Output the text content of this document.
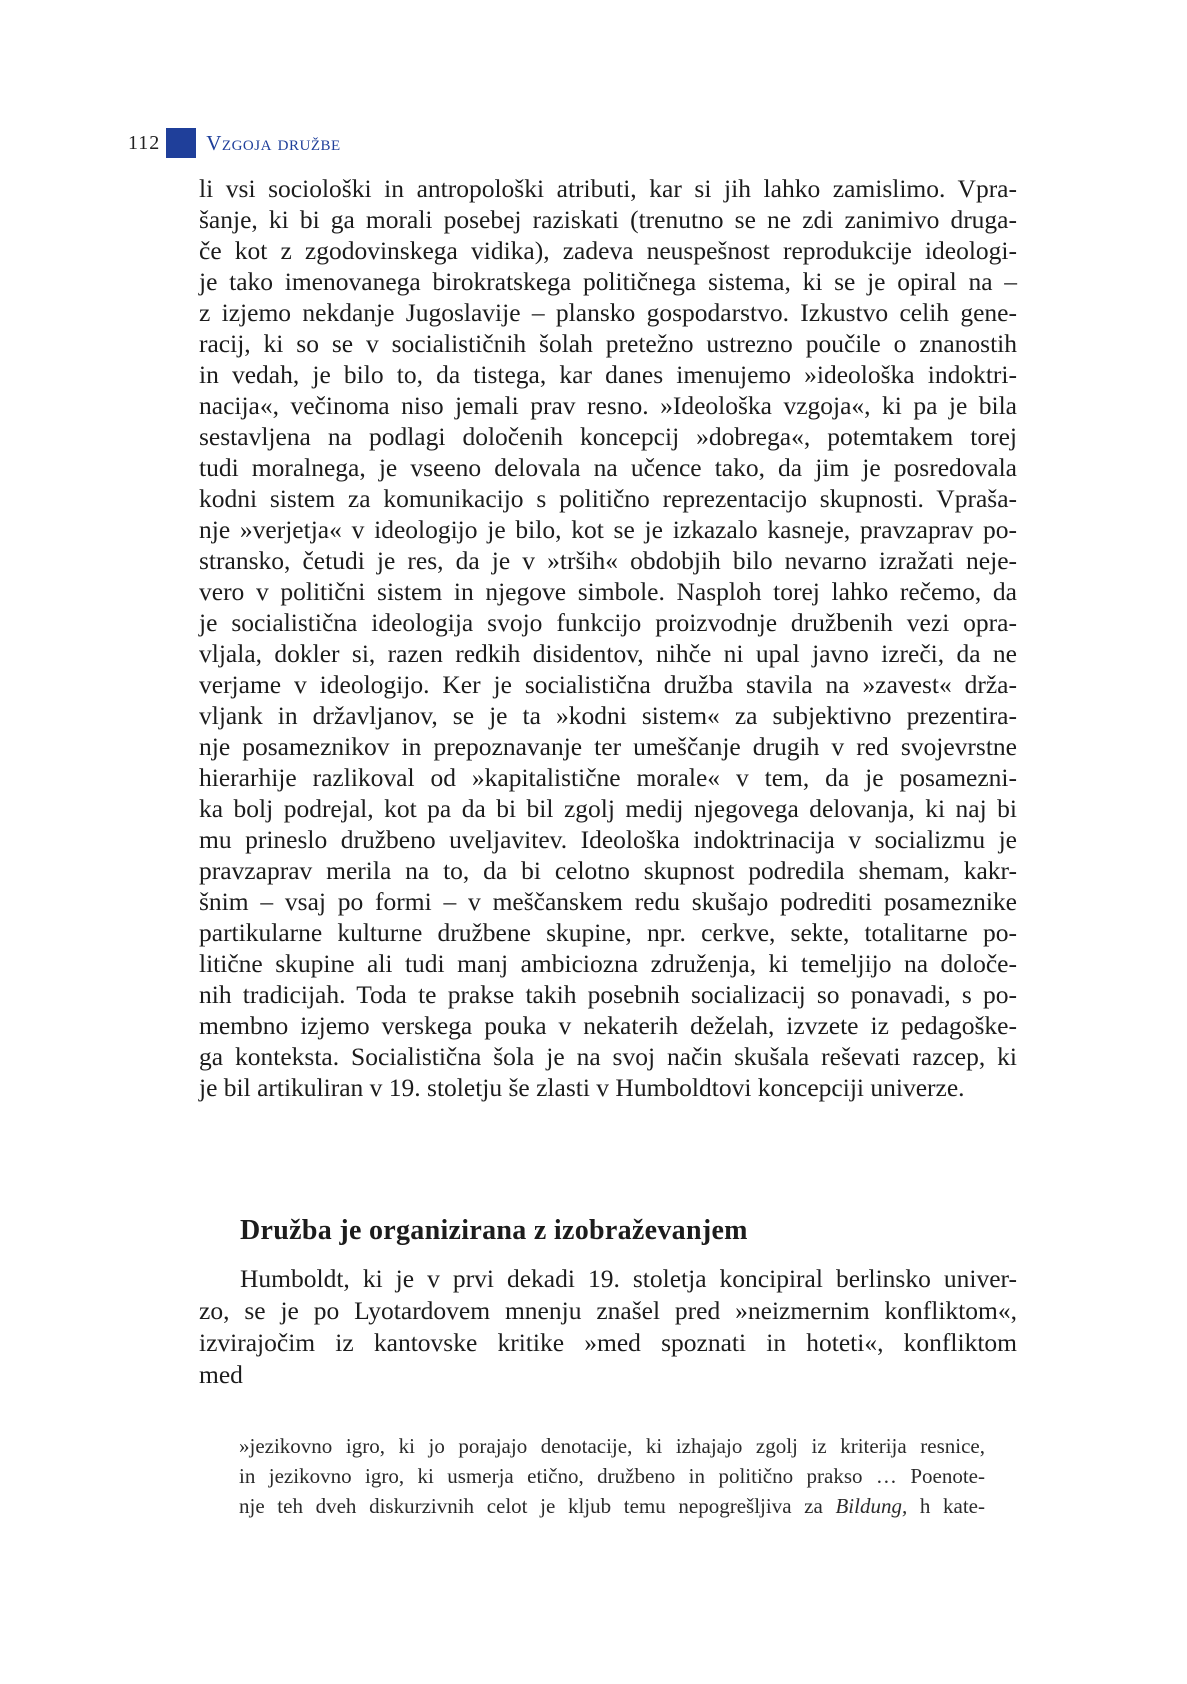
112 Vzgoja družbe
li vsi sociološki in antropološki atributi, kar si jih lahko zamislimo. Vpra-
šanje, ki bi ga morali posebej raziskati (trenutno se ne zdi zanimivo druga-
če kot z zgodovinskega vidika), zadeva neuspešnost reprodukcije ideologi-
je tako imenovanega birokratskega političnega sistema, ki se je opiral na –
z izjemo nekdanje Jugoslavije – plansko gospodarstvo. Izkustvo celih gene-
racij, ki so se v socialističnih šolah pretežno ustrezno poučile o znanostih
in vedah, je bilo to, da tistega, kar danes imenujemo »ideološka indoktri-
nacija«, večinoma niso jemali prav resno. »Ideološka vzgoja«, ki pa je bila
sestavljena na podlagi določenih koncepcij »dobrega«, potemtakem torej
tudi moralnega, je vseeno delovala na učence tako, da jim je posredovala
kodni sistem za komunikacijo s politično reprezentacijo skupnosti. Vpraša-
nje »verjetja« v ideologijo je bilo, kot se je izkazalo kasneje, pravzaprav po-
stransko, četudi je res, da je v »trših« obdobjih bilo nevarno izražati neje-
vero v politični sistem in njegove simbole. Nasploh torej lahko rečemo, da
je socialistična ideologija svojo funkcijo proizvodnje družbenih vezi opra-
vljala, dokler si, razen redkih disidentov, nihče ni upal javno izreči, da ne
verjame v ideologijo. Ker je socialistična družba stavila na »zavest« drža-
vljank in državljanov, se je ta »kodni sistem« za subjektivno prezentira-
nje posameznikov in prepoznavanje ter umeščanje drugih v red svojevrstne
hierarhije razlikoval od »kapitalistične morale« v tem, da je posamezni-
ka bolj podrejal, kot pa da bi bil zgolj medij njegovega delovanja, ki naj bi
mu prineslo družbeno uveljavitev. Ideološka indoktrinacija v socializmu je
pravzaprav merila na to, da bi celotno skupnost podredila shemam, kakr-
šnim – vsaj po formi – v meščanskem redu skušajo podrediti posameznike
partikularne kulturne družbene skupine, npr. cerkve, sekte, totalitarne po-
litične skupine ali tudi manj ambiciozna združenja, ki temeljijo na določe-
nih tradicijah. Toda te prakse takih posebnih socializacij so ponavadi, s po-
membno izjemo verskega pouka v nekaterih deželah, izvzete iz pedagoške-
ga konteksta. Socialistična šola je na svoj način skušala reševati razcep, ki
je bil artikuliran v 19. stoletju še zlasti v Humboldtovi koncepciji univerze.
Družba je organizirana z izobraževanjem
Humboldt, ki je v prvi dekadi 19. stoletja koncipiral berlinsko univer-
zo, se je po Lyotardovem mnenju znašel pred »neizmernim konfliktom«,
izvirajočim iz kantovske kritike »med spoznati in hoteti«, konfliktom
med
»jezikovno igro, ki jo porajajo denotacije, ki izhajajo zgolj iz kriterija resnice,
in jezikovno igro, ki usmerja etično, družbeno in politično prakso … Poenote-
nje teh dveh diskurzivnih celot je kljub temu nepogrešljiva za Bildung, h kate-
